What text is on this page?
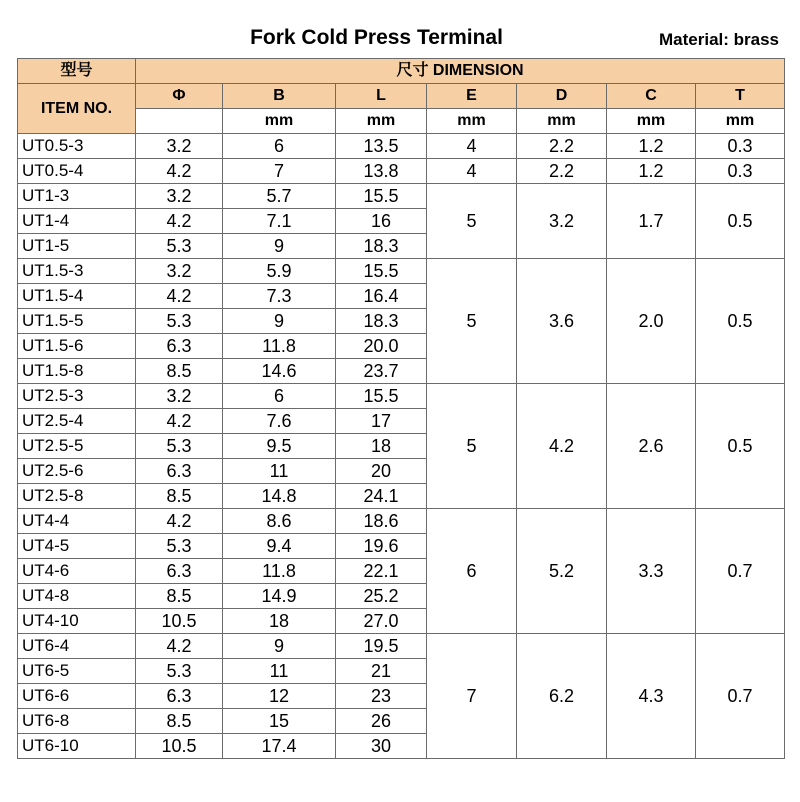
Fork Cold Press Terminal	Material: brass
型号	尺寸 DIMENSION						
ITEM NO.	Φ	B	L	E	D	C	T
		mm	mm	mm	mm	mm	mm
UT0.5-3	3.2	6	13.5	4	2.2	1.2	0.3
UT0.5-4	4.2	7	13.8	4	2.2	1.2	0.3
UT1-3	3.2	5.7	15.5	5	3.2	1.7	0.5
UT1-4	4.2	7.1	16				
UT1-5	5.3	9	18.3				
UT1.5-3	3.2	5.9	15.5	5	3.6	2.0	0.5
UT1.5-4	4.2	7.3	16.4				
UT1.5-5	5.3	9	18.3				
UT1.5-6	6.3	11.8	20.0				
UT1.5-8	8.5	14.6	23.7				
UT2.5-3	3.2	6	15.5	5	4.2	2.6	0.5
UT2.5-4	4.2	7.6	17				
UT2.5-5	5.3	9.5	18				
UT2.5-6	6.3	11	20				
UT2.5-8	8.5	14.8	24.1				
UT4-4	4.2	8.6	18.6	6	5.2	3.3	0.7
UT4-5	5.3	9.4	19.6				
UT4-6	6.3	11.8	22.1				
UT4-8	8.5	14.9	25.2				
UT4-10	10.5	18	27.0				
UT6-4	4.2	9	19.5	7	6.2	4.3	0.7
UT6-5	5.3	11	21				
UT6-6	6.3	12	23				
UT6-8	8.5	15	26				
UT6-10	10.5	17.4	30				
